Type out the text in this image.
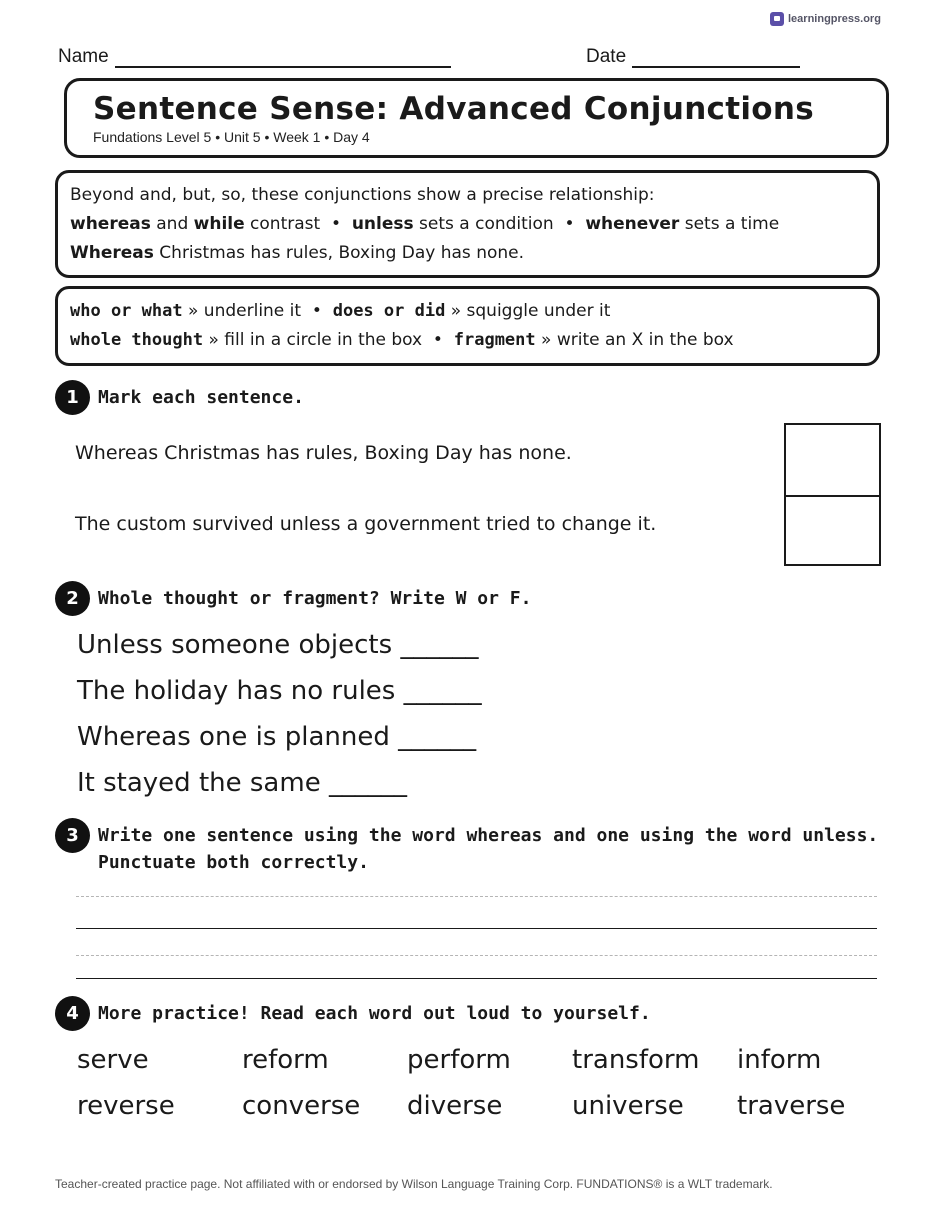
learningpress.org
Name	Date
Sentence Sense: Advanced Conjunctions
Fundations Level 5 • Unit 5 • Week 1 • Day 4
Beyond and, but, so, these conjunctions show a precise relationship:
whereas and while contrast  •  unless sets a condition  •  whenever sets a time
Whereas Christmas has rules, Boxing Day has none.
who or what » underline it  •  does or did » squiggle under it
whole thought » fill in a circle in the box  •  fragment » write an X in the box
1	Mark each sentence.
Whereas Christmas has rules, Boxing Day has none.
The custom survived unless a government tried to change it.
2	Whole thought or fragment? Write W or F.
Unless someone objects ______
The holiday has no rules ______
Whereas one is planned ______
It stayed the same ______
3	Write one sentence using the word whereas and one using the word unless.
Punctuate both correctly.
4	More practice! Read each word out loud to yourself.
serve	reform	perform	transform	inform
reverse	converse	diverse	universe	traverse
Teacher-created practice page. Not affiliated with or endorsed by Wilson Language Training Corp. FUNDATIONS® is a WLT trademark.
